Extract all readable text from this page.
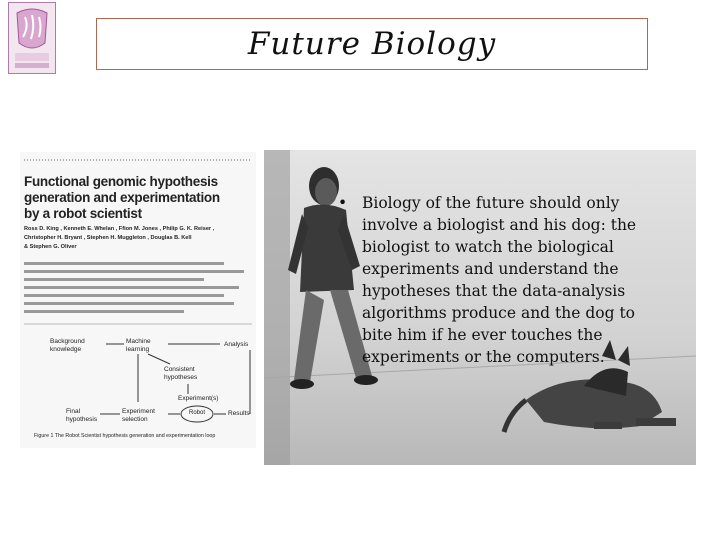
Future Biology
Functional genomic hypothesis
generation and experimentation
by a robot scientist
Ross D. King , Kenneth E. Whelan , Ffion M. Jones , Philip G. K. Reiser ,
Christopher H. Bryant , Stephen H. Muggleton , Douglas B. Kell
& Stephen G. Oliver
Background knowledge
Machine learning
Analysis
Consistent hypotheses
Experiment(s)
Final hypothesis
Experiment selection
Robot	Results
Figure 1 The Robot Scientist hypothesis generation and experimentation loop
• Biology of the future should only involve a biologist and his dog: the biologist to watch the biological experiments and understand the hypotheses that the data-analysis algorithms produce and the dog to bite him if he ever touches the experiments or the computers.
